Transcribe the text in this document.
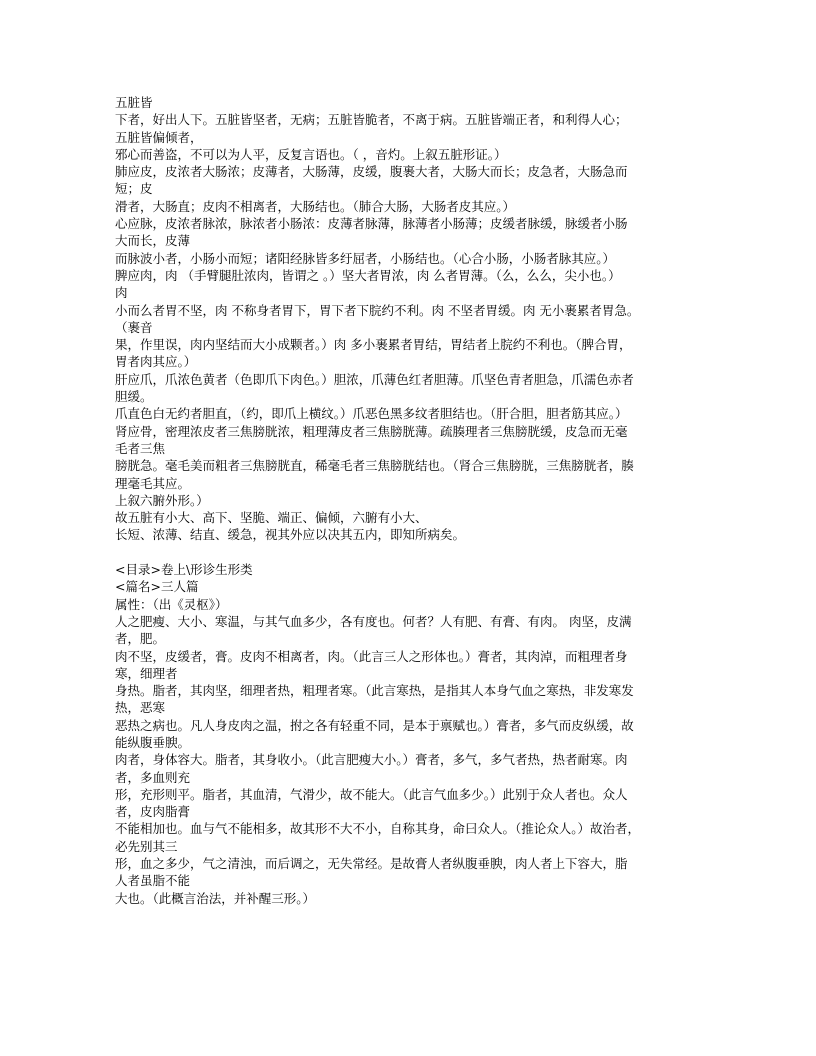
五脏皆
下者，好出人下。五脏皆坚者，无病；五脏皆脆者，不离于病。五脏皆端正者，和利得人心；
五脏皆偏倾者，
邪心而善盗，不可以为人平，反复言语也。（ ，音灼。上叙五脏形证。）
肺应皮，皮浓者大肠浓；皮薄者，大肠薄，皮缓，腹裹大者，大肠大而长；皮急者，大肠急而
短；皮
滑者，大肠直；皮肉不相离者，大肠结也。（肺合大肠，大肠者皮其应。）
心应脉，皮浓者脉浓，脉浓者小肠浓：皮薄者脉薄，脉薄者小肠薄；皮缓者脉缓，脉缓者小肠
大而长，皮薄
而脉波小者，小肠小而短；诸阳经脉皆多纡屈者，小肠结也。（心合小肠，小肠者脉其应。）
脾应肉，肉 （手臂腿肚浓肉，皆谓之 。）坚大者胃浓，肉 么者胃薄。（么，么么，尖小也。）
肉
小而么者胃不坚，肉 不称身者胃下，胃下者下脘约不利。肉 不坚者胃缓。肉 无小裹累者胃急。
（裹音
果，作里误，肉内坚结而大小成颗者。）肉 多小裹累者胃结，胃结者上脘约不利也。（脾合胃，
胃者肉其应。）
肝应爪，爪浓色黄者（色即爪下肉色。）胆浓，爪薄色红者胆薄。爪坚色青者胆急，爪濡色赤者
胆缓。
爪直色白无约者胆直，（约，即爪上横纹。）爪恶色黑多纹者胆结也。（肝合胆，胆者筋其应。）
肾应骨，密理浓皮者三焦膀胱浓，粗理薄皮者三焦膀胱薄。疏腠理者三焦膀胱缓，皮急而无毫
毛者三焦
膀胱急。毫毛美而粗者三焦膀胱直，稀毫毛者三焦膀胱结也。（肾合三焦膀胱，三焦膀胱者，腠
理毫毛其应。
上叙六腑外形。）
故五脏有小大、高下、坚脆、端正、偏倾，六腑有小大、
长短、浓薄、结直、缓急，视其外应以决其五内，即知所病矣。
<目录>卷上\形诊生形类
<篇名>三人篇
属性：（出《灵枢》）
人之肥瘦、大小、寒温，与其气血多少，各有度也。何者？人有肥、有膏、有肉。 肉坚，皮满
者，肥。
肉不坚，皮缓者，膏。皮肉不相离者，肉。（此言三人之形体也。）膏者，其肉淖，而粗理者身
寒，细理者
身热。脂者，其肉坚，细理者热，粗理者寒。（此言寒热，是指其人本身气血之寒热，非发寒发
热，恶寒
恶热之病也。凡人身皮肉之温，拊之各有轻重不同，是本于禀赋也。）膏者，多气而皮纵缓，故
能纵腹垂腴。
肉者，身体容大。脂者，其身收小。（此言肥瘦大小。）膏者，多气，多气者热，热者耐寒。肉
者，多血则充
形，充形则平。脂者，其血清，气滑少，故不能大。（此言气血多少。）此别于众人者也。众人
者，皮肉脂膏
不能相加也。血与气不能相多，故其形不大不小，自称其身，命曰众人。（推论众人。）故治者，
必先别其三
形，血之多少，气之清浊，而后调之，无失常经。是故膏人者纵腹垂腴，肉人者上下容大，脂
人者虽脂不能
大也。（此概言治法，并补醒三形。）
